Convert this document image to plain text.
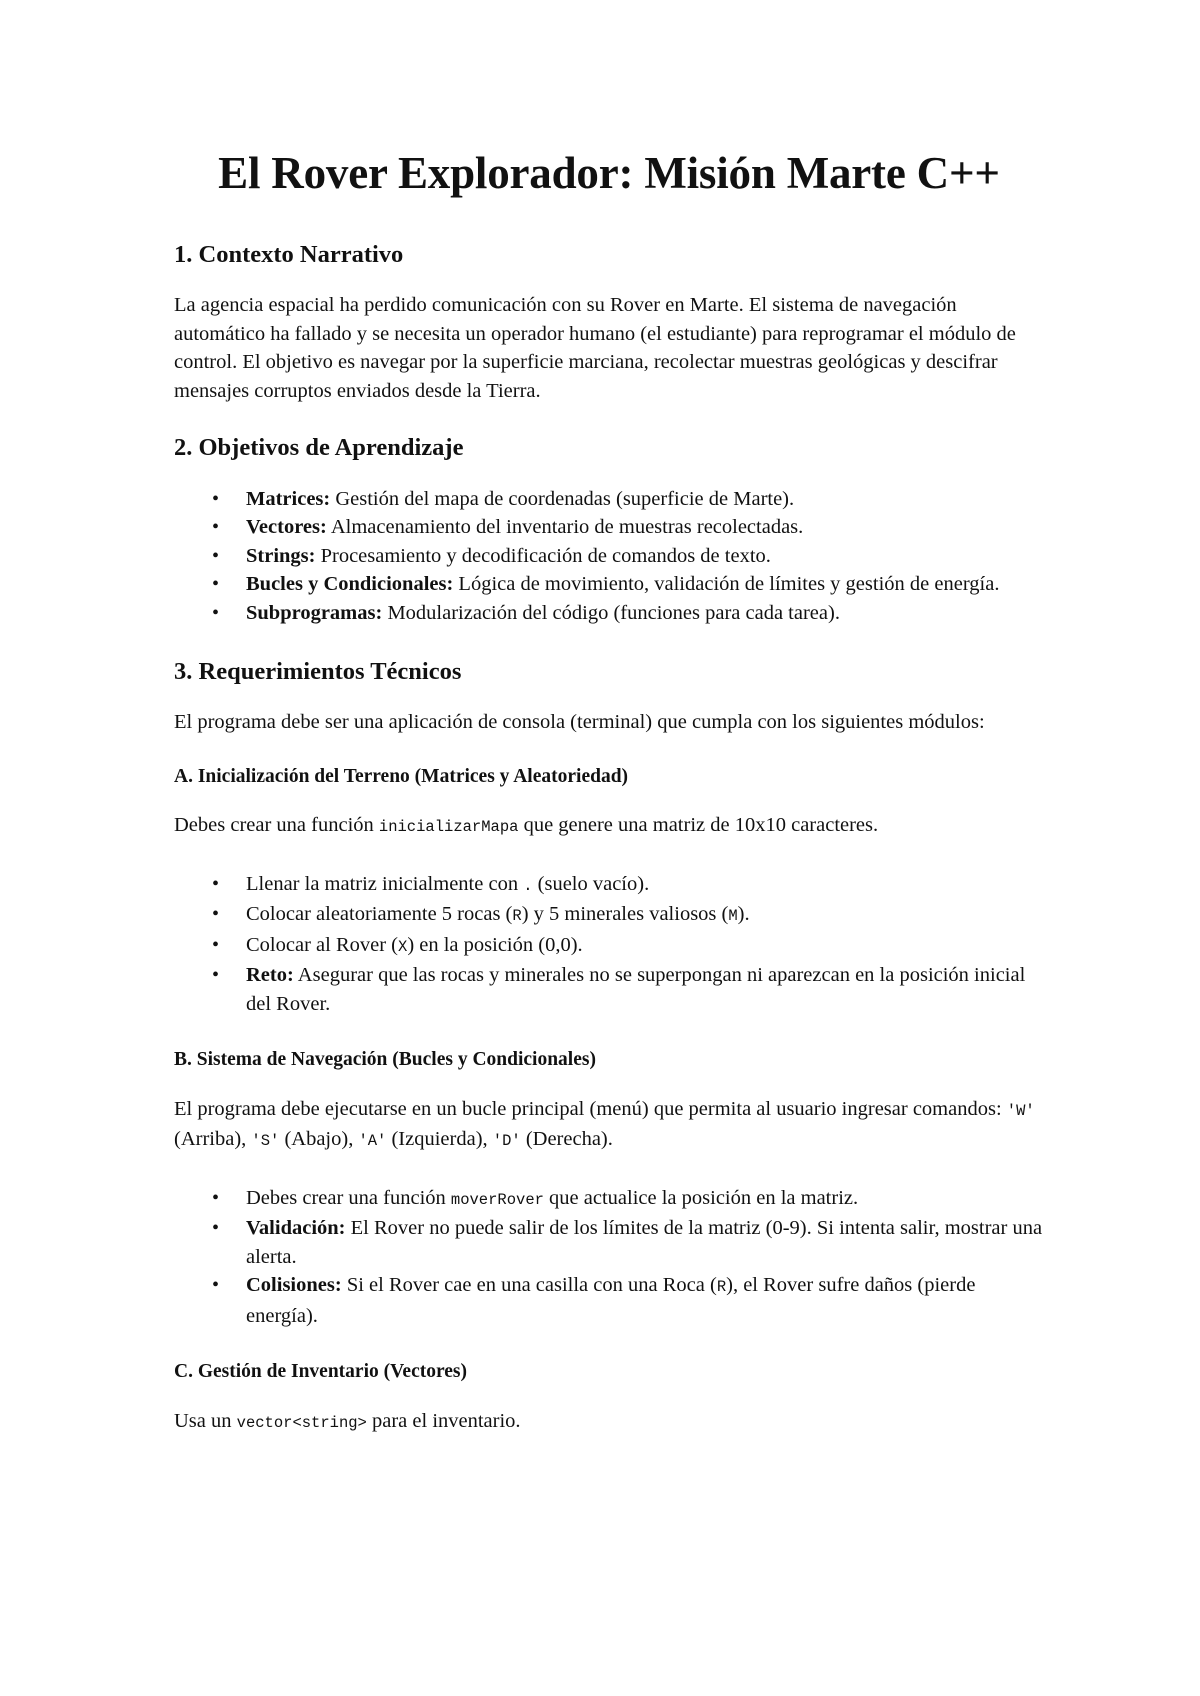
El Rover Explorador: Misión Marte C++
1. Contexto Narrativo

La agencia espacial ha perdido comunicación con su Rover en Marte. El sistema de navegación automático ha fallado y se necesita un operador humano (el estudiante) para reprogramar el módulo de control. El objetivo es navegar por la superficie marciana, recolectar muestras geológicas y descifrar mensajes corruptos enviados desde la Tierra.

2. Objetivos de Aprendizaje
• Matrices: Gestión del mapa de coordenadas (superficie de Marte).
• Vectores: Almacenamiento del inventario de muestras recolectadas.
• Strings: Procesamiento y decodificación de comandos de texto.
• Bucles y Condicionales: Lógica de movimiento, validación de límites y gestión de energía.
• Subprogramas: Modularización del código (funciones para cada tarea).
3. Requerimientos Técnicos

El programa debe ser una aplicación de consola (terminal) que cumpla con los siguientes módulos:

A. Inicialización del Terreno (Matrices y Aleatoriedad)

Debes crear una función inicializarMapa que genere una matriz de 10x10 caracteres.

• Llenar la matriz inicialmente con . (suelo vacío).
• Colocar aleatoriamente 5 rocas (R) y 5 minerales valiosos (M).
• Colocar al Rover (X) en la posición (0,0).
• Reto: Asegurar que las rocas y minerales no se superpongan ni aparezcan en la posición inicial del Rover.
B. Sistema de Navegación (Bucles y Condicionales)

El programa debe ejecutarse en un bucle principal (menú) que permita al usuario ingresar comandos: 'W' (Arriba), 'S' (Abajo), 'A' (Izquierda), 'D' (Derecha).

• Debes crear una función moverRover que actualice la posición en la matriz.
• Validación: El Rover no puede salir de los límites de la matriz (0-9). Si intenta salir, mostrar una alerta.
• Colisiones: Si el Rover cae en una casilla con una Roca (R), el Rover sufre daños (pierde energía).
C. Gestión de Inventario (Vectores)

Usa un vector<string> para el inventario.
